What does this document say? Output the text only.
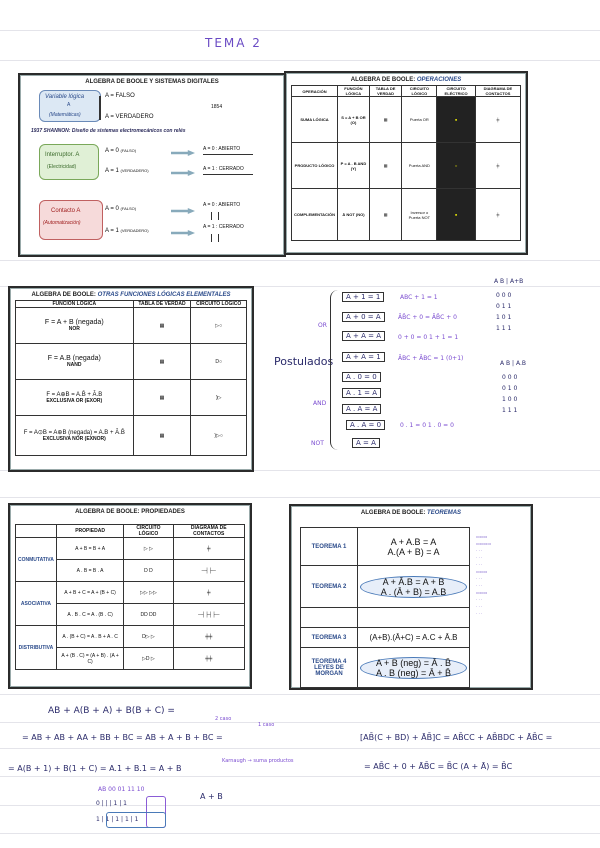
TEMA 2
ALGEBRA DE BOOLE Y SISTEMAS DIGITALES
Variable lógica
A
(Matemáticas)
A = FALSO
A = VERDADERO
1854
1937 SHANNON: Diseño de sistemas electromecánicos con relés
Interruptor. A
(Electricidad)
A = 0 (FALSO)
A = 1 (VERDADERO)
A = 0 : ABIERTO
A = 1 : CERRADO
Contacto A
(Automatización)
A = 0 (FALSO)
A = 1 (VERDADERO)
A = 0 : ABIERTO
A = 1 : CERRADO
ALGEBRA DE BOOLE: OPERACIONES
OPERACIÓN	FUNCIÓN LÓGICA	TABLA DE VERDAD	CIRCUITO LÓGICO	CIRCUITO ELÉCTRICO	DIAGRAMA DE CONTACTOS
SUMA LÓGICA	S = A + B OR (O)	▦	Puerta OR	●	╪
PRODUCTO LÓGICO	P = A . B AND (Y)	▦	Puerta AND	○	╪
COMPLEMENTACIÓN	Ā NOT (NO)	▦	Inversor o Puerta NOT	●	╪
ALGEBRA DE BOOLE: OTRAS FUNCIONES LÓGICAS ELEMENTALES
FUNCIÓN LÓGICA	TABLA DE VERDAD	CIRCUITO LÓGICO

F = A + B (negada)
NOR	▦	▷○

F = A.B (negada)
NAND	▦	D○

F = A⊕B = A.B̄ + Ā.B
EXCLUSIVA OR (EXOR)	▦	)▷

F = A⊙B = A⊕B (negada) = A.B + Ā.B̄
EXCLUSIVA NOR (EXNOR)	▦	)▷○
Postulados
OR
AND
NOT
A + 1 = 1
A + 0 = A
A + A = A
A + Ā = 1
A . 0 = 0
A . 1 = A
A . A = A
A . Ā = 0
Ā = A
ABC + 1 = 1
ĀB̄C + 0 = ĀB̄C + 0
0 + 0 = 0 1 + 1 = 1
ĀBC + ĀBC = 1 (0+1)
0 . 1 = 0 1 . 0 = 0
A B | A+B
0 0 0
0 1 1
1 0 1
1 1 1
A B | A.B
0 0 0
0 1 0
1 0 0
1 1 1
ALGEBRA DE BOOLE: PROPIEDADES
	PROPIEDAD	CIRCUITO LÓGICO	DIAGRAMA DE CONTACTOS
CONMUTATIVA	A + B = B + A	▷ ▷	╪
	A . B = B . A	D D	─┤├─
ASOCIATIVA	A + B + C = A + (B + C)	▷▷ ▷▷	╪
	A . B . C = A . (B . C)	DD DD	─┤├┤├─
DISTRIBUTIVA	A . (B + C) = A . B + A . C	D▷ ▷	╪╪
	A + (B . C) = (A + B) . (A + C)	▷D ▷	╪╪
ALGEBRA DE BOOLE: TEOREMAS
TEOREMA 1	A + A.B = A
A.(A + B) = A

TEOREMA 2	A + Ā.B = A + B
A . (Ā + B) = A.B

TEOREMA 3	(A+B).(Ā+C) = A.C + Ā.B

TEOREMA 4 LEYES DE MORGAN	A + B (neg) = Ā . B̄
A . B (neg) = Ā + B̄
▭▭▭
▭▭▭▭
· · ·
· · ·
· · ·
▭▭▭
· · ·
· · ·
▭▭▭
· · ·
· · ·
· · ·
AB + A(B + A) + B(B + C) =
= AB + AB + AA + BB + BC = AB + A + B + BC =
2 caso
1 caso
Karnaugh → suma productos
= A(B + 1) + B(1 + C) = A.1 + B.1 = A + B
[AB̄(C + BD) + ĀB̄]C = AB̄CC + AB̄BDC + ĀB̄C =
= AB̄C + 0 + ĀB̄C = B̄C (A + Ā) = B̄C
AB 00 01 11 10
0 | | | 1 | 1
1 | 1 | 1 | 1 | 1
A + B
